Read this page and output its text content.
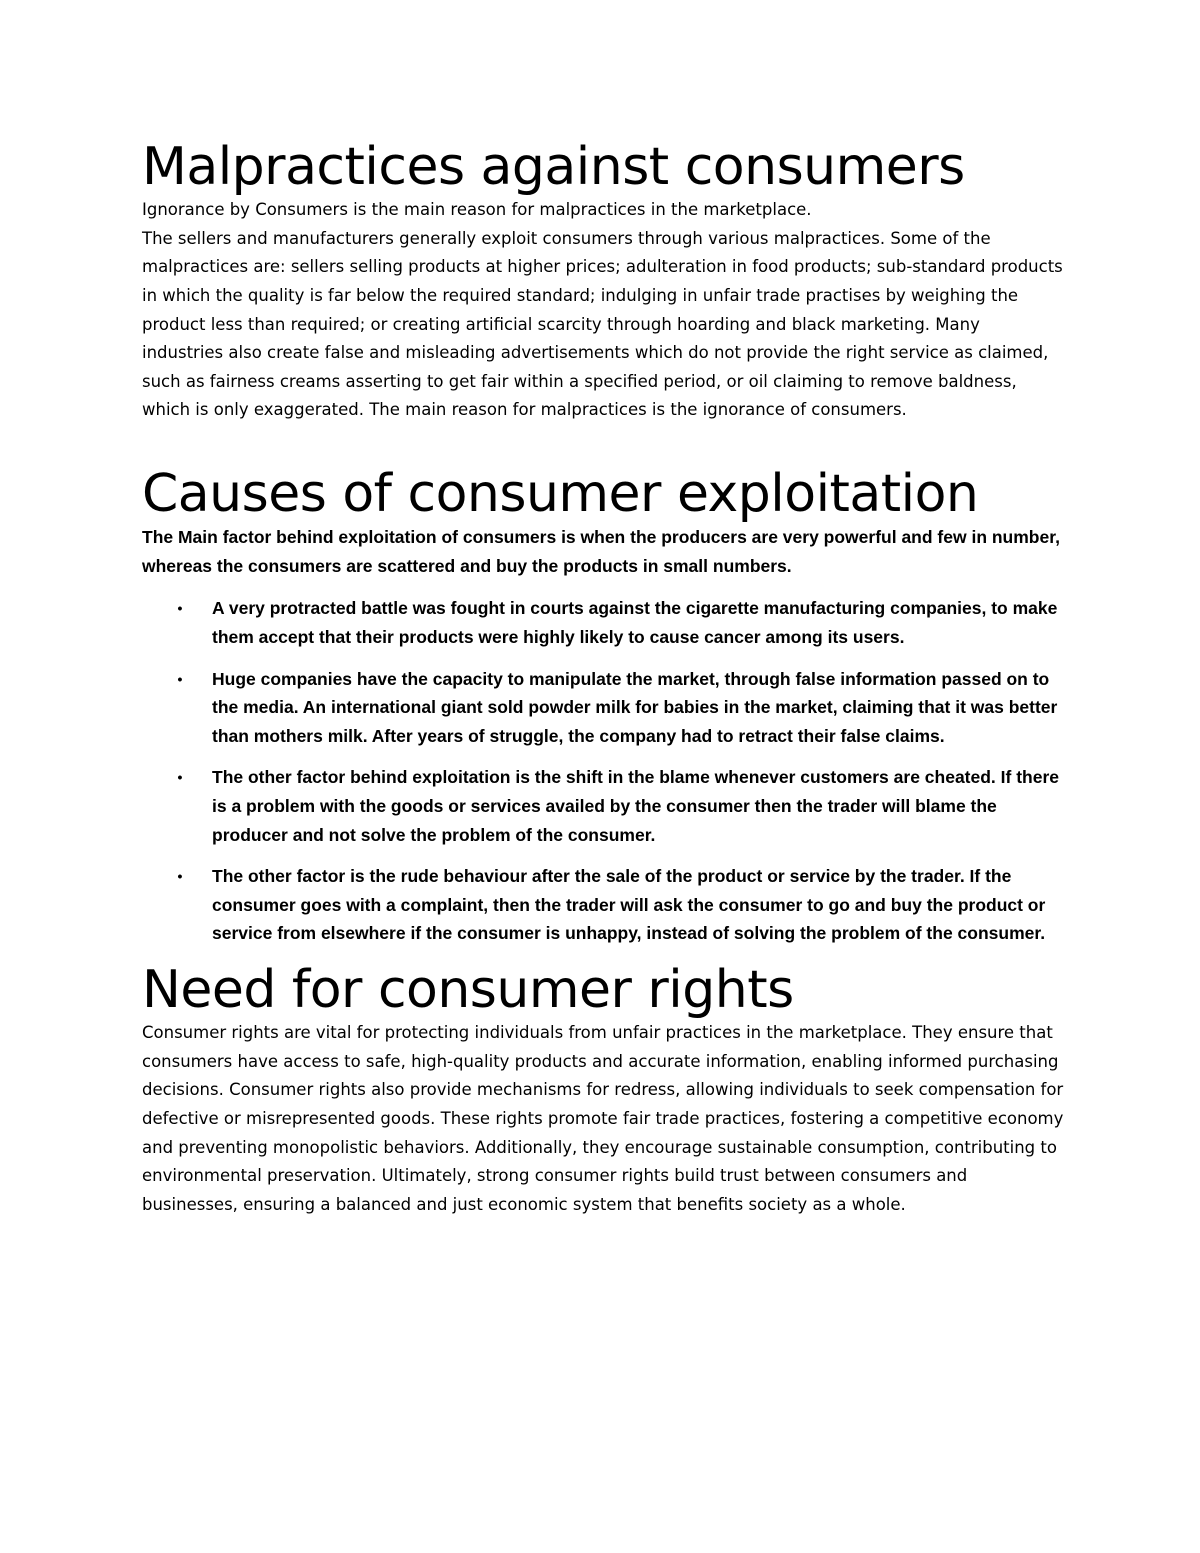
Malpractices against consumers

Ignorance by Consumers is the main reason for malpractices in the marketplace.

The sellers and manufacturers generally exploit consumers through various malpractices. Some of the malpractices are: sellers selling products at higher prices; adulteration in food products; sub-standard products in which the quality is far below the required standard; indulging in unfair trade practises by weighing the product less than required; or creating artificial scarcity through hoarding and black marketing. Many industries also create false and misleading advertisements which do not provide the right service as claimed, such as fairness creams asserting to get fair within a specified period, or oil claiming to remove baldness, which is only exaggerated. The main reason for malpractices is the ignorance of consumers.

Causes of consumer exploitation

The Main factor behind exploitation of consumers is when the producers are very powerful and few in number, whereas the consumers are scattered and buy the products in small numbers.

• A very protracted battle was fought in courts against the cigarette manufacturing companies, to make them accept that their products were highly likely to cause cancer among its users.
• Huge companies have the capacity to manipulate the market, through false information passed on to the media. An international giant sold powder milk for babies in the market, claiming that it was better than mothers milk. After years of struggle, the company had to retract their false claims.
• The other factor behind exploitation is the shift in the blame whenever customers are cheated. If there is a problem with the goods or services availed by the consumer then the trader will blame the producer and not solve the problem of the consumer.
• The other factor is the rude behaviour after the sale of the product or service by the trader. If the consumer goes with a complaint, then the trader will ask the consumer to go and buy the product or service from elsewhere if the consumer is unhappy, instead of solving the problem of the consumer.
Need for consumer rights

Consumer rights are vital for protecting individuals from unfair practices in the marketplace. They ensure that consumers have access to safe, high-quality products and accurate information, enabling informed purchasing decisions. Consumer rights also provide mechanisms for redress, allowing individuals to seek compensation for defective or misrepresented goods. These rights promote fair trade practices, fostering a competitive economy and preventing monopolistic behaviors. Additionally, they encourage sustainable consumption, contributing to environmental preservation. Ultimately, strong consumer rights build trust between consumers and businesses, ensuring a balanced and just economic system that benefits society as a whole.
